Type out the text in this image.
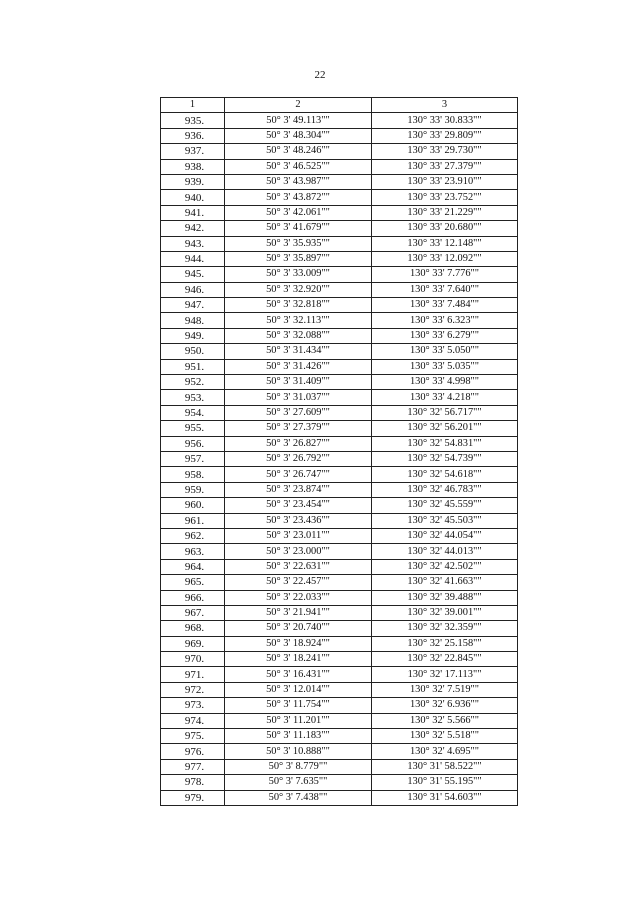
22
1	2	3
935.	50° 3' 49.113""	130° 33' 30.833""
936.	50° 3' 48.304""	130° 33' 29.809""
937.	50° 3' 48.246""	130° 33' 29.730""
938.	50° 3' 46.525""	130° 33' 27.379""
939.	50° 3' 43.987""	130° 33' 23.910""
940.	50° 3' 43.872""	130° 33' 23.752""
941.	50° 3' 42.061""	130° 33' 21.229""
942.	50° 3' 41.679""	130° 33' 20.680""
943.	50° 3' 35.935""	130° 33' 12.148""
944.	50° 3' 35.897""	130° 33' 12.092""
945.	50° 3' 33.009""	130° 33' 7.776""
946.	50° 3' 32.920""	130° 33' 7.640""
947.	50° 3' 32.818""	130° 33' 7.484""
948.	50° 3' 32.113""	130° 33' 6.323""
949.	50° 3' 32.088""	130° 33' 6.279""
950.	50° 3' 31.434""	130° 33' 5.050""
951.	50° 3' 31.426""	130° 33' 5.035""
952.	50° 3' 31.409""	130° 33' 4.998""
953.	50° 3' 31.037""	130° 33' 4.218""
954.	50° 3' 27.609""	130° 32' 56.717""
955.	50° 3' 27.379""	130° 32' 56.201""
956.	50° 3' 26.827""	130° 32' 54.831""
957.	50° 3' 26.792""	130° 32' 54.739""
958.	50° 3' 26.747""	130° 32' 54.618""
959.	50° 3' 23.874""	130° 32' 46.783""
960.	50° 3' 23.454""	130° 32' 45.559""
961.	50° 3' 23.436""	130° 32' 45.503""
962.	50° 3' 23.011""	130° 32' 44.054""
963.	50° 3' 23.000""	130° 32' 44.013""
964.	50° 3' 22.631""	130° 32' 42.502""
965.	50° 3' 22.457""	130° 32' 41.663""
966.	50° 3' 22.033""	130° 32' 39.488""
967.	50° 3' 21.941""	130° 32' 39.001""
968.	50° 3' 20.740""	130° 32' 32.359""
969.	50° 3' 18.924""	130° 32' 25.158""
970.	50° 3' 18.241""	130° 32' 22.845""
971.	50° 3' 16.431""	130° 32' 17.113""
972.	50° 3' 12.014""	130° 32' 7.519""
973.	50° 3' 11.754""	130° 32' 6.936""
974.	50° 3' 11.201""	130° 32' 5.566""
975.	50° 3' 11.183""	130° 32' 5.518""
976.	50° 3' 10.888""	130° 32' 4.695""
977.	50° 3' 8.779""	130° 31' 58.522""
978.	50° 3' 7.635""	130° 31' 55.195""
979.	50° 3' 7.438""	130° 31' 54.603""
